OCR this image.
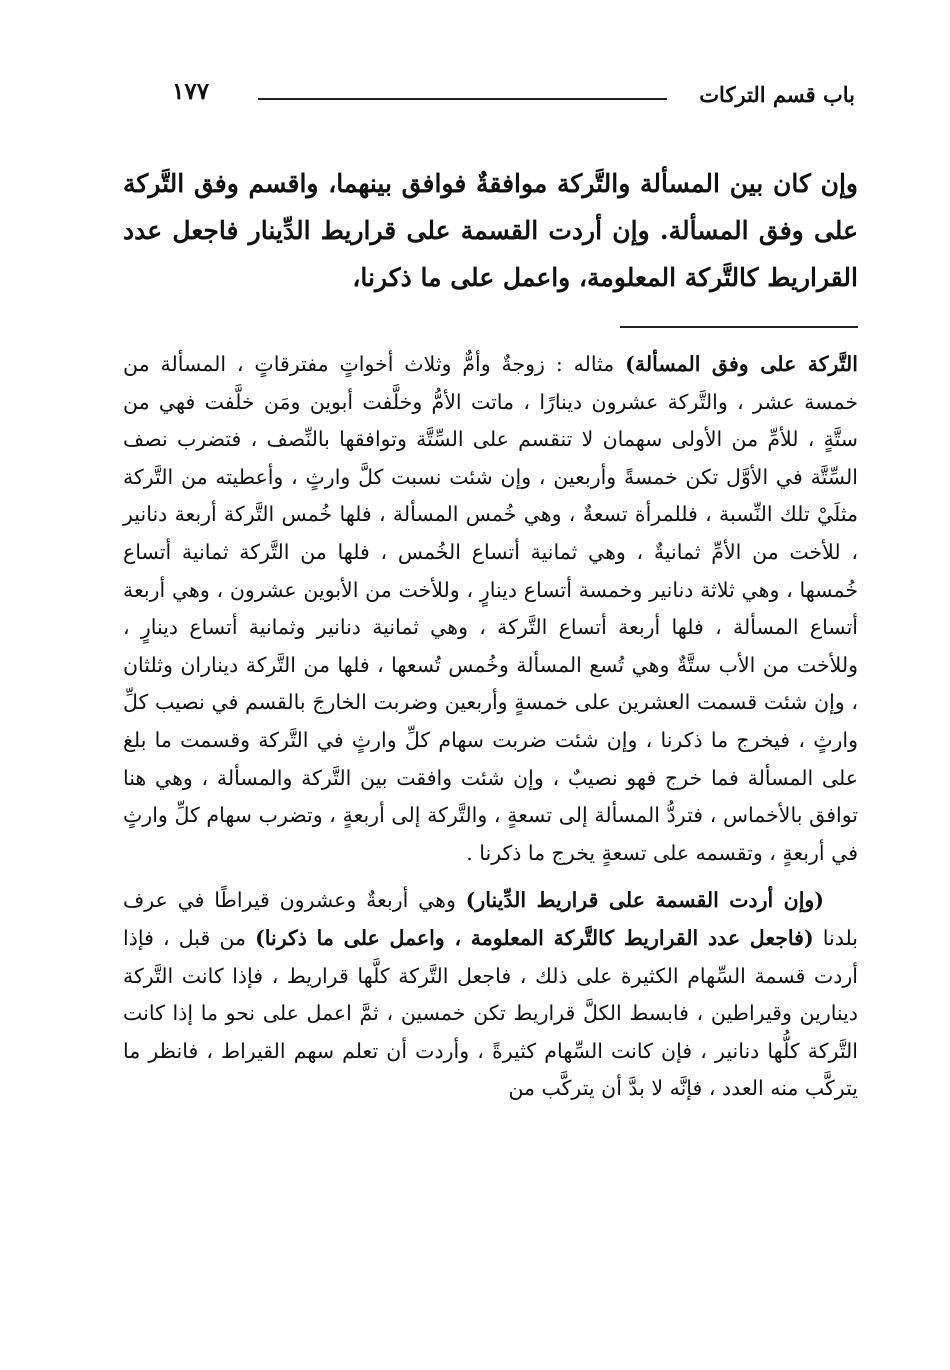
باب قسم التركات
١٧٧

وإن كان بين المسألة والتَّركة موافقةٌ فوافق بينهما، واقسم وفق التَّركة على وفق المسألة. وإن أردت القسمة على قراريط الدِّينار فاجعل عدد القراريط كالتَّركة المعلومة، واعمل على ما ذكرنا،

التَّركة على وفق المسألة) مثاله : زوجةٌ وأمٌّ وثلاث أخواتٍ مفترقاتٍ ، المسألة من خمسة عشر ، والتَّركة عشرون دينارًا ، ماتت الأمُّ وخلَّفت أبوين ومَن خلَّفت فهي من ستَّةٍ ، للأمِّ من الأولى سهمان لا تنقسم على السِّتَّة وتوافقها بالنِّصف ، فتضرب نصف السِّتَّة في الأوَّل تكن خمسةً وأربعين ، وإن شئت نسبت كلَّ وارثٍ ، وأعطيته من التَّركة مثلَيْ تلك النِّسبة ، فللمرأة تسعةٌ ، وهي خُمس المسألة ، فلها خُمس التَّركة أربعة دنانير ، للأخت من الأمِّ ثمانيةٌ ، وهي ثمانية أتساع الخُمس ، فلها من التَّركة ثمانية أتساع خُمسها ، وهي ثلاثة دنانير وخمسة أتساع دينارٍ ، وللأخت من الأبوين عشرون ، وهي أربعة أتساع المسألة ، فلها أربعة أتساع التَّركة ، وهي ثمانية دنانير وثمانية أتساع دينارٍ ، وللأخت من الأب ستَّةٌ وهي تُسع المسألة وخُمس تُسعها ، فلها من التَّركة ديناران وثلثان ، وإن شئت قسمت العشرين على خمسةٍ وأربعين وضربت الخارجَ بالقسم في نصيب كلِّ وارثٍ ، فيخرج ما ذكرنا ، وإن شئت ضربت سهام كلِّ وارثٍ في التَّركة وقسمت ما بلغ على المسألة فما خرج فهو نصيبٌ ، وإن شئت وافقت بين التَّركة والمسألة ، وهي هنا توافق بالأخماس ، فتردُّ المسألة إلى تسعةٍ ، والتَّركة إلى أربعةٍ ، وتضرب سهام كلِّ وارثٍ في أربعةٍ ، وتقسمه على تسعةٍ يخرج ما ذكرنا .

(وإن أردت القسمة على قراريط الدِّينار) وهي أربعةٌ وعشرون قيراطًا في عرف بلدنا (فاجعل عدد القراريط كالتَّركة المعلومة ، واعمل على ما ذكرنا) من قبل ، فإذا أردت قسمة السِّهام الكثيرة على ذلك ، فاجعل التَّركة كلَّها قراريط ، فإذا كانت التَّركة دينارين وقيراطين ، فابسط الكلَّ قراريط تكن خمسين ، ثمَّ اعمل على نحو ما إذا كانت التَّركة كلُّها دنانير ، فإن كانت السِّهام كثيرةً ، وأردت أن تعلم سهم القيراط ، فانظر ما يتركَّب منه العدد ، فإنَّه لا بدَّ أن يتركَّب من
